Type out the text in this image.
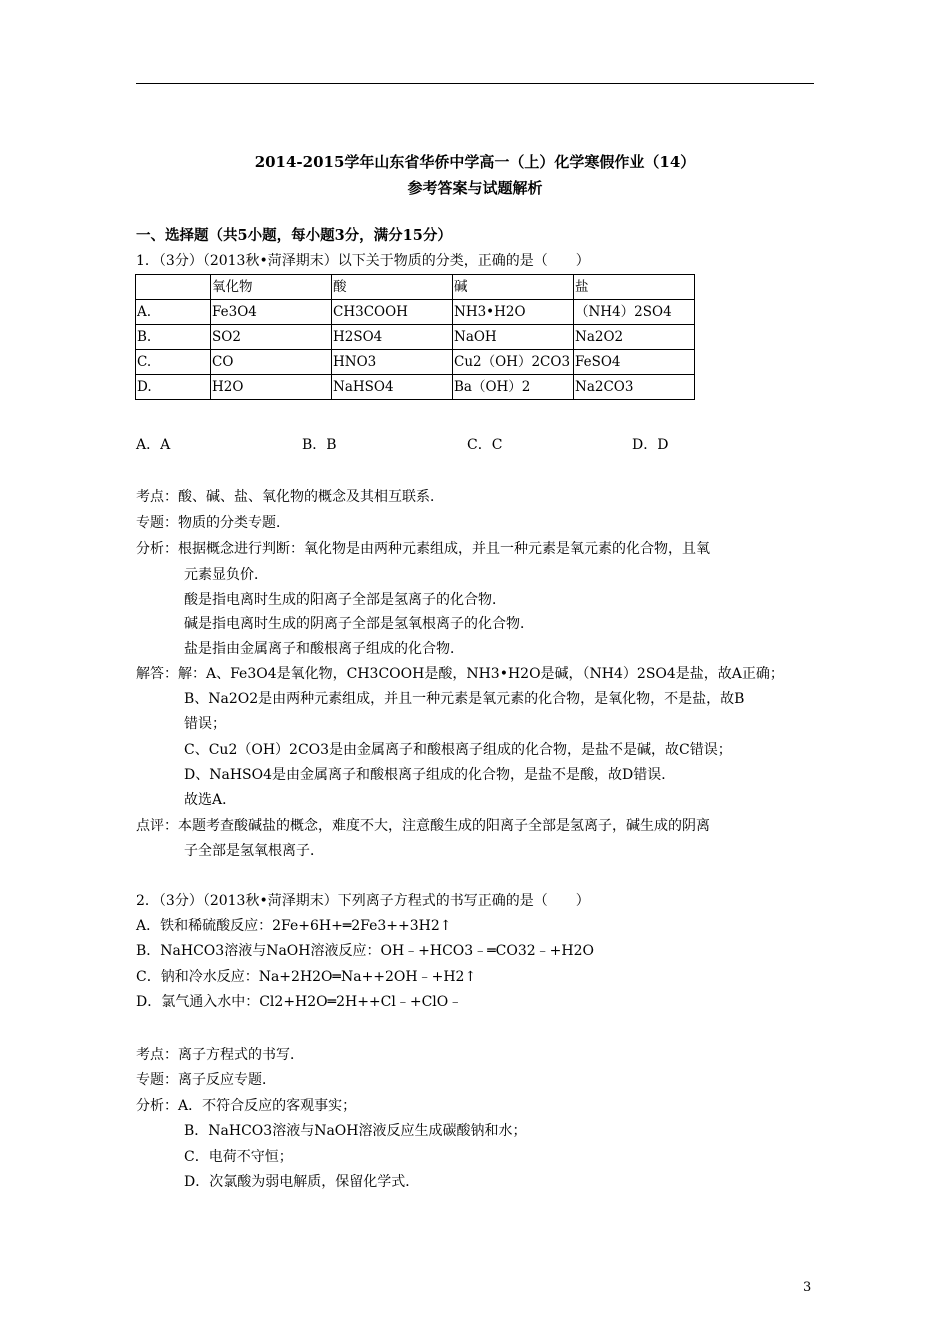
2014-2015学年山东省华侨中学高一（上）化学寒假作业（14）
参考答案与试题解析
一、选择题（共5小题，每小题3分，满分15分）
1．（3分）（2013秋•菏泽期末）以下关于物质的分类，正确的是（　　）
	氧化物	酸	碱	盐
A.	Fe3O4	CH3COOH	NH3•H2O	（NH4）2SO4
B.	SO2	H2SO4	NaOH	Na2O2
C.	CO	HNO3	Cu2（OH）2CO3	FeSO4
D.	H2O	NaHSO4	Ba（OH）2	Na2CO3
A．A	B．B	C．C	D．D
考点：酸、碱、盐、氧化物的概念及其相互联系．
专题：物质的分类专题．
分析：根据概念进行判断：氧化物是由两种元素组成，并且一种元素是氧元素的化合物，且氧
元素显负价．
酸是指电离时生成的阳离子全部是氢离子的化合物．
碱是指电离时生成的阴离子全部是氢氧根离子的化合物．
盐是指由金属离子和酸根离子组成的化合物．
解答：解：A、Fe3O4是氧化物，CH3COOH是酸，NH3•H2O是碱，（NH4）2SO4是盐，故A正确；
B、Na2O2是由两种元素组成，并且一种元素是氧元素的化合物，是氧化物，不是盐，故B
错误；
C、Cu2（OH）2CO3是由金属离子和酸根离子组成的化合物，是盐不是碱，故C错误；
D、NaHSO4是由金属离子和酸根离子组成的化合物，是盐不是酸，故D错误．
故选A．
点评：本题考查酸碱盐的概念，难度不大，注意酸生成的阳离子全部是氢离子，碱生成的阴离
子全部是氢氧根离子．
2．（3分）（2013秋•菏泽期末）下列离子方程式的书写正确的是（　　）
A．铁和稀硫酸反应：2Fe+6H+═2Fe3++3H2↑
B．NaHCO3溶液与NaOH溶液反应：OH﹣+HCO3﹣═CO32﹣+H2O
C．钠和冷水反应：Na+2H2O═Na++2OH﹣+H2↑
D．氯气通入水中：Cl2+H2O═2H++Cl﹣+ClO﹣
考点：离子方程式的书写．
专题：离子反应专题．
分析：A．不符合反应的客观事实；
B．NaHCO3溶液与NaOH溶液反应生成碳酸钠和水；
C．电荷不守恒；
D．次氯酸为弱电解质，保留化学式．
3
